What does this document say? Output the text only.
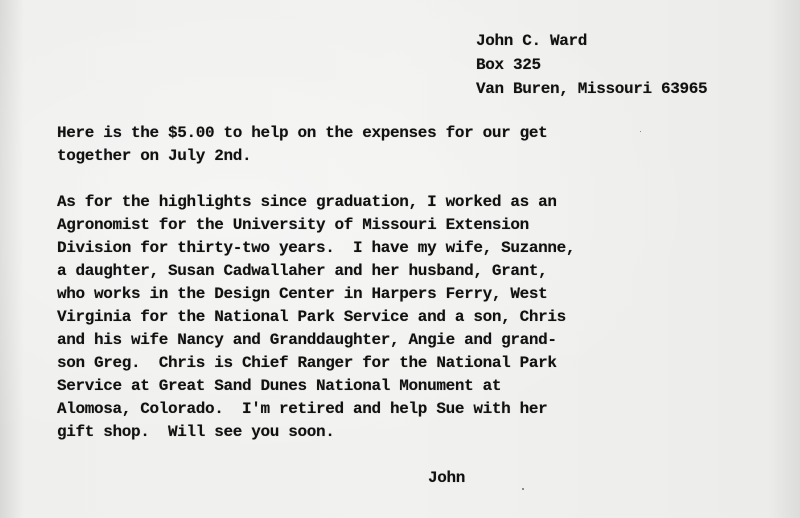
John C. Ward
Box 325
Van Buren, Missouri 63965
Here is the $5.00 to help on the expenses for our get
together on July 2nd.
As for the highlights since graduation, I worked as an
Agronomist for the University of Missouri Extension
Division for thirty-two years.  I have my wife, Suzanne,
a daughter, Susan Cadwallaher and her husband, Grant,
who works in the Design Center in Harpers Ferry, West
Virginia for the National Park Service and a son, Chris
and his wife Nancy and Granddaughter, Angie and grand-
son Greg.  Chris is Chief Ranger for the National Park
Service at Great Sand Dunes National Monument at
Alomosa, Colorado.  I'm retired and help Sue with her
gift shop.  Will see you soon.
John
